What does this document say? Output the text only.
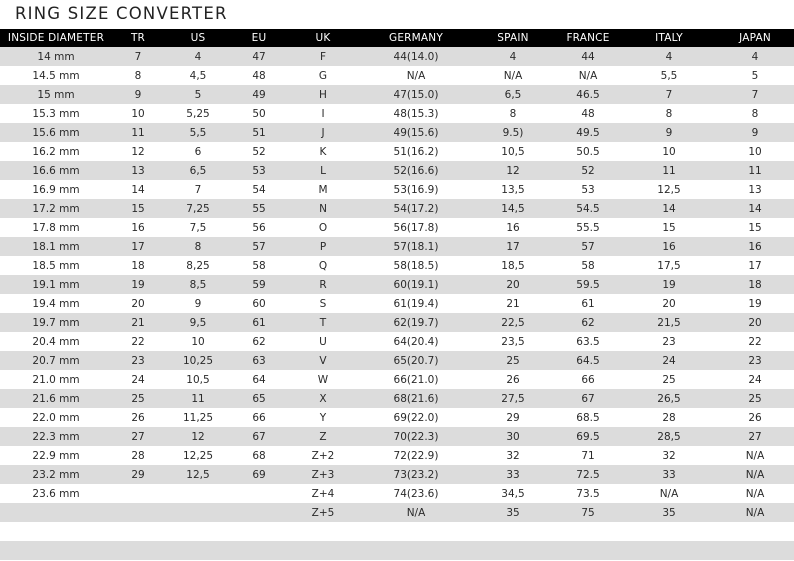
RING SIZE CONVERTER
INSIDE DIAMETER	TR	US	EU	UK	GERMANY	SPAIN	FRANCE	ITALY	JAPAN
14 mm	7	4	47	F	44(14.0)	4	44	4	4
14.5 mm	8	4,5	48	G	N/A	N/A	N/A	5,5	5
15 mm	9	5	49	H	47(15.0)	6,5	46.5	7	7
15.3 mm	10	5,25	50	I	48(15.3)	8	48	8	8
15.6 mm	11	5,5	51	J	49(15.6)	9.5)	49.5	9	9
16.2 mm	12	6	52	K	51(16.2)	10,5	50.5	10	10
16.6 mm	13	6,5	53	L	52(16.6)	12	52	11	11
16.9 mm	14	7	54	M	53(16.9)	13,5	53	12,5	13
17.2 mm	15	7,25	55	N	54(17.2)	14,5	54.5	14	14
17.8 mm	16	7,5	56	O	56(17.8)	16	55.5	15	15
18.1 mm	17	8	57	P	57(18.1)	17	57	16	16
18.5 mm	18	8,25	58	Q	58(18.5)	18,5	58	17,5	17
19.1 mm	19	8,5	59	R	60(19.1)	20	59.5	19	18
19.4 mm	20	9	60	S	61(19.4)	21	61	20	19
19.7 mm	21	9,5	61	T	62(19.7)	22,5	62	21,5	20
20.4 mm	22	10	62	U	64(20.4)	23,5	63.5	23	22
20.7 mm	23	10,25	63	V	65(20.7)	25	64.5	24	23
21.0 mm	24	10,5	64	W	66(21.0)	26	66	25	24
21.6 mm	25	11	65	X	68(21.6)	27,5	67	26,5	25
22.0 mm	26	11,25	66	Y	69(22.0)	29	68.5	28	26
22.3 mm	27	12	67	Z	70(22.3)	30	69.5	28,5	27
22.9 mm	28	12,25	68	Z+2	72(22.9)	32	71	32	N/A
23.2 mm	29	12,5	69	Z+3	73(23.2)	33	72.5	33	N/A
23.6 mm				Z+4	74(23.6)	34,5	73.5	N/A	N/A
				Z+5	N/A	35	75	35	N/A
